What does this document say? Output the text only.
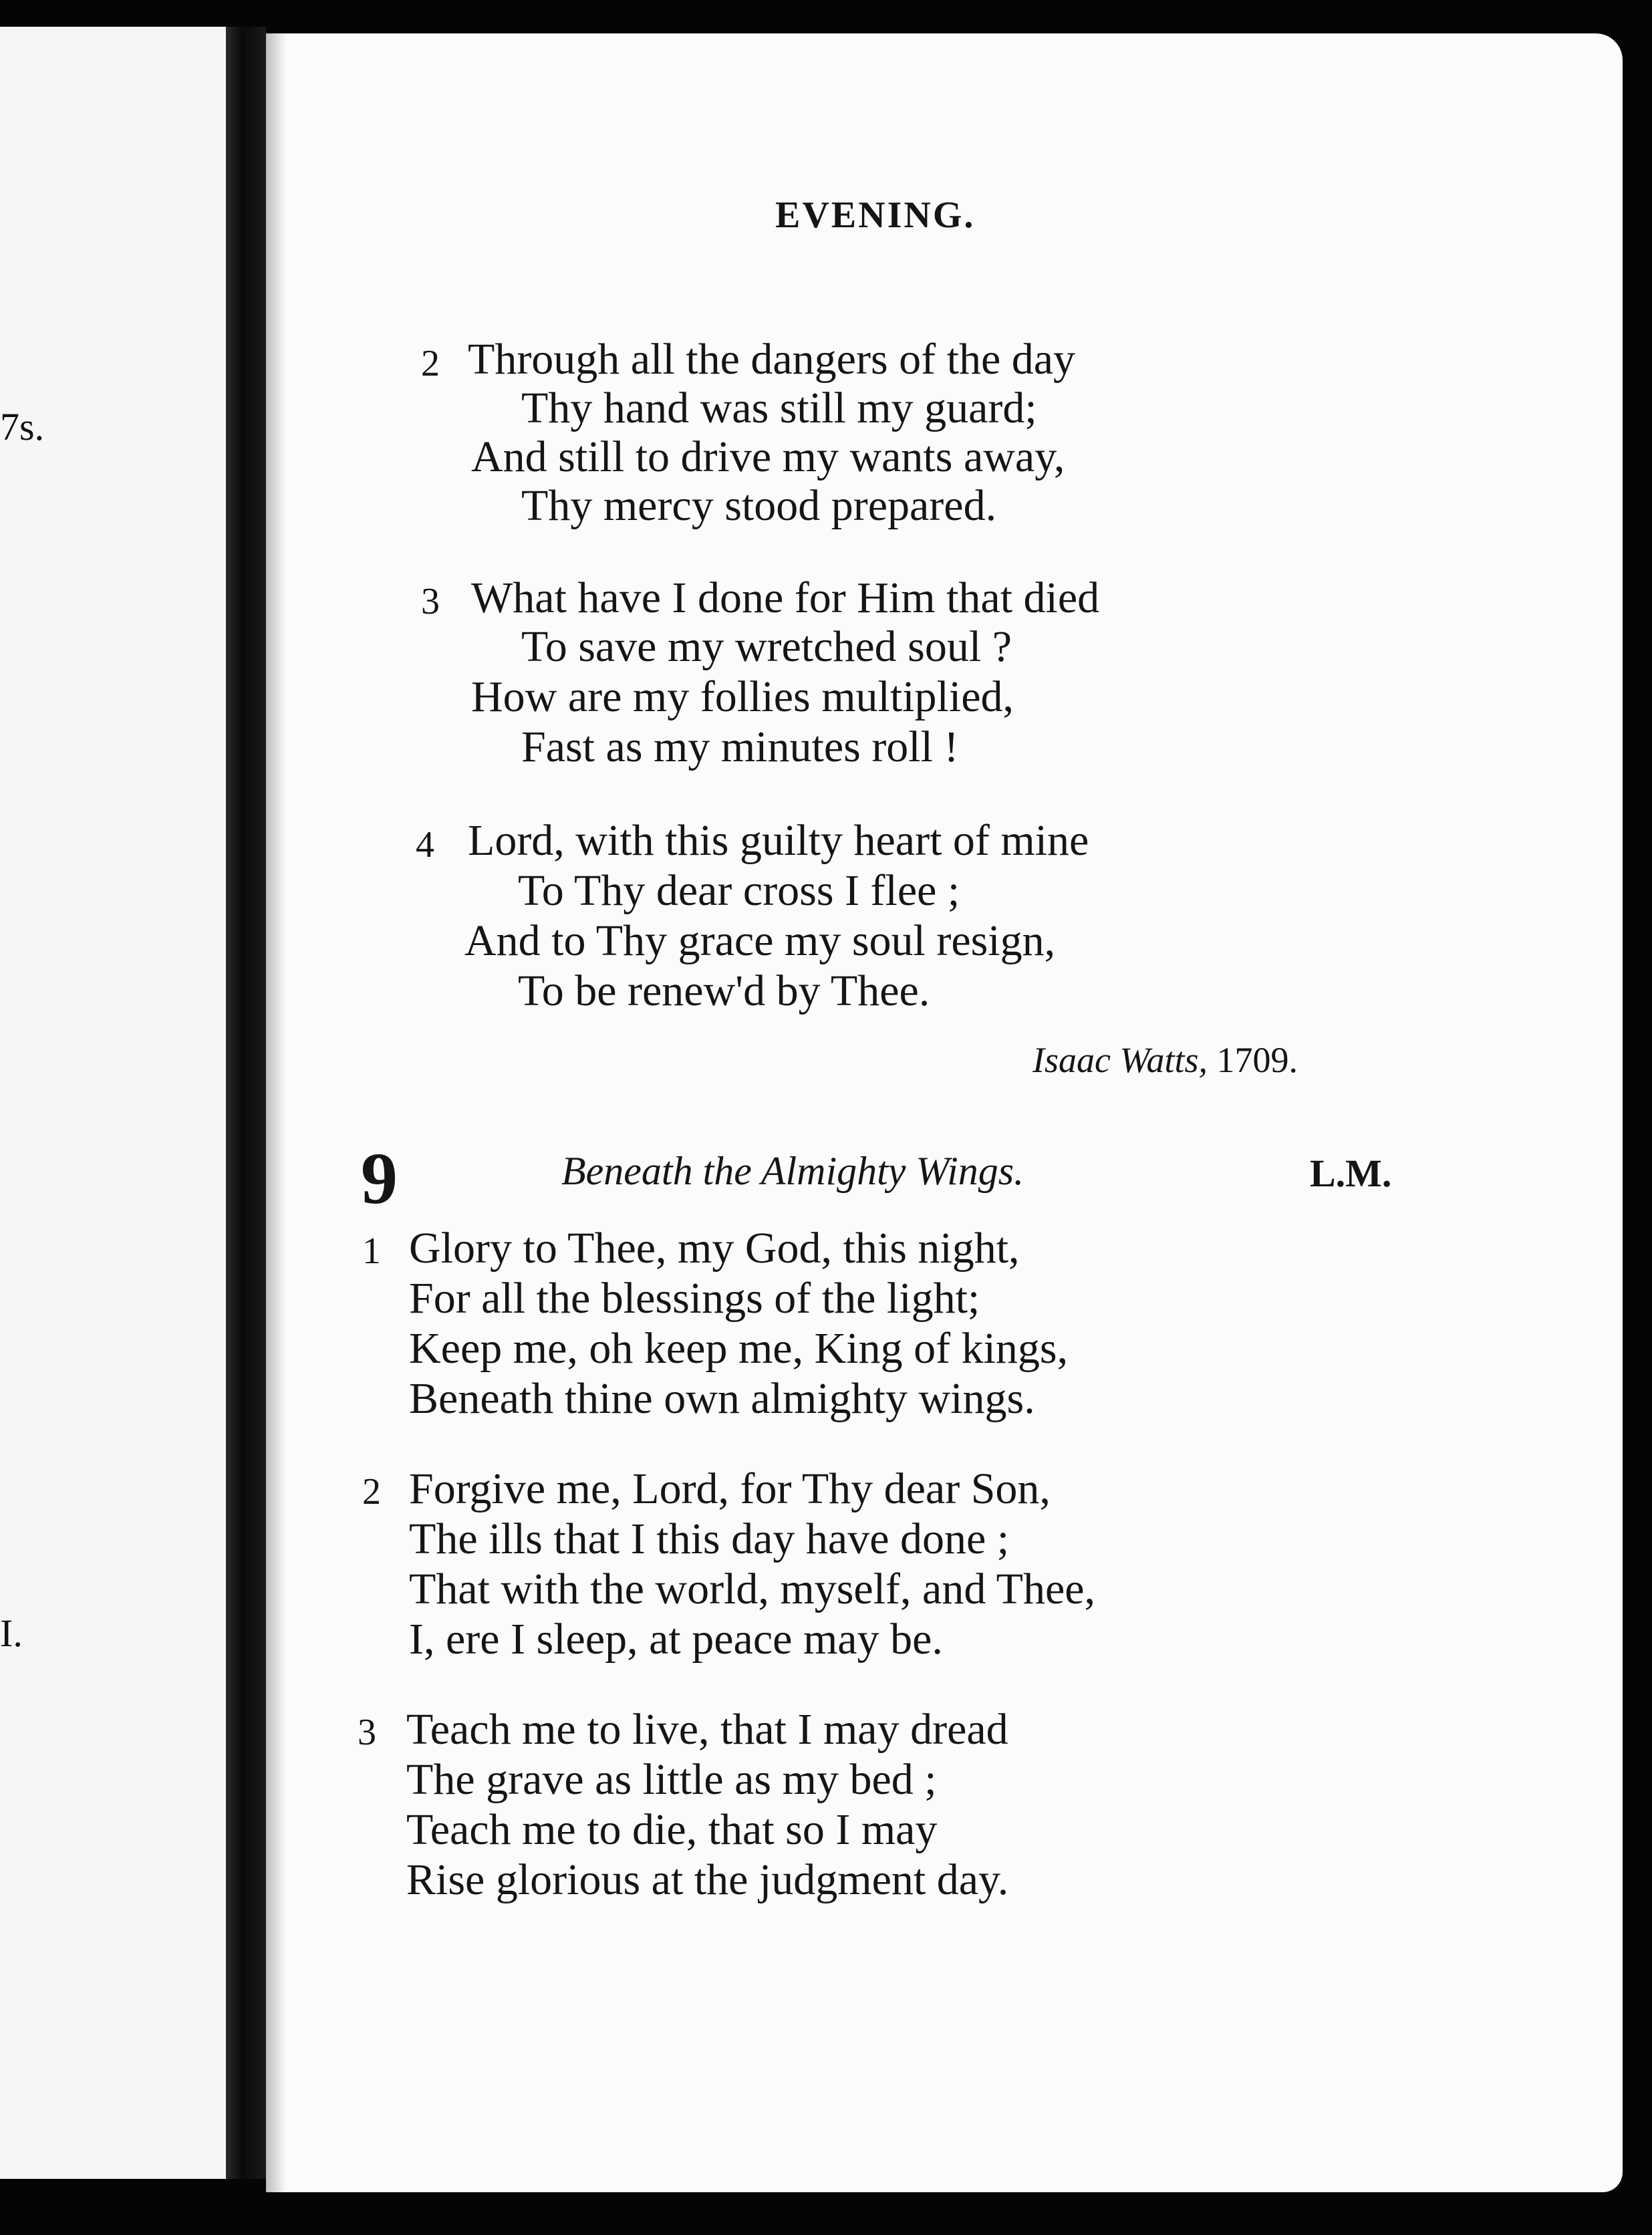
7s.
I.
EVENING.
2 Through all the dangers of the day
Thy hand was still my guard;
And still to drive my wants away,
Thy mercy stood prepared.
3 What have I done for Him that died
To save my wretched soul ?
How are my follies multiplied,
Fast as my minutes roll !
4 Lord, with this guilty heart of mine
To Thy dear cross I flee ;
And to Thy grace my soul resign,
To be renew'd by Thee.
Isaac Watts, 1709.
9	Beneath the Almighty Wings.	L.M.
1 Glory to Thee, my God, this night,
For all the blessings of the light;
Keep me, oh keep me, King of kings,
Beneath thine own almighty wings.
2 Forgive me, Lord, for Thy dear Son,
The ills that I this day have done ;
That with the world, myself, and Thee,
I, ere I sleep, at peace may be.
3 Teach me to live, that I may dread
The grave as little as my bed ;
Teach me to die, that so I may
Rise glorious at the judgment day.
